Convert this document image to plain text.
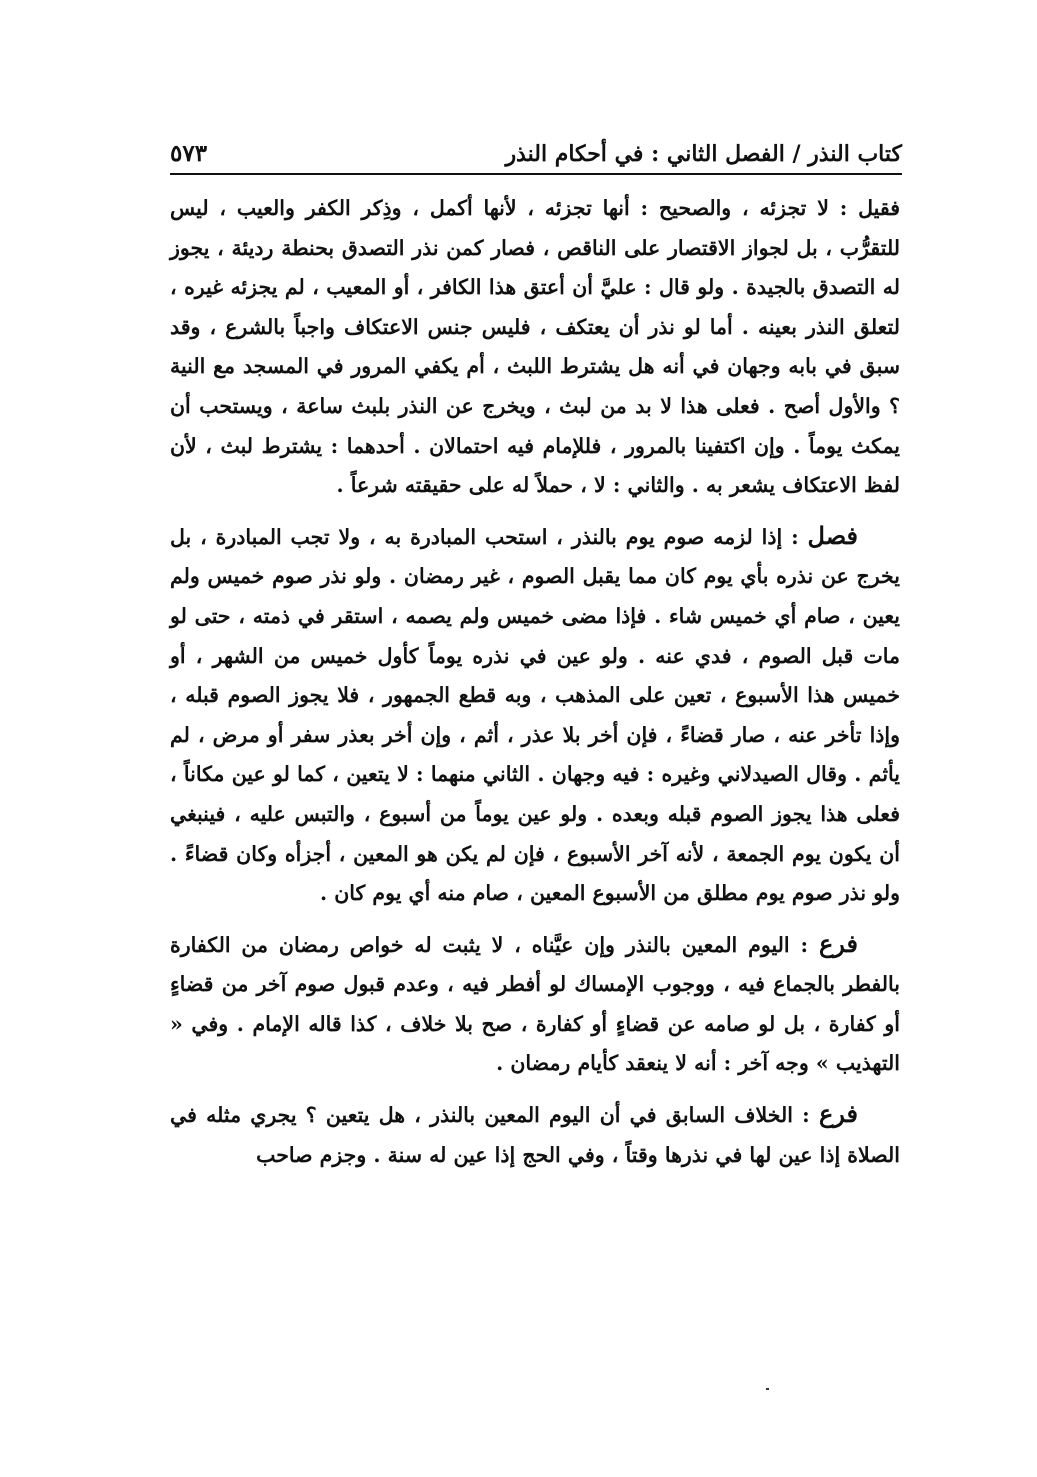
كتاب النذر / الفصل الثاني : في أحكام النذر
٥٧٣

فقيل : لا تجزئه ، والصحيح : أنها تجزئه ، لأنها أكمل ، وذِكر الكفر والعيب ، ليس للتقرُّب ، بل لجواز الاقتصار على الناقص ، فصار كمن نذر التصدق بحنطة رديئة ، يجوز له التصدق بالجيدة . ولو قال : عليَّ أن أعتق هذا الكافر ، أو المعيب ، لم يجزئه غيره ، لتعلق النذر بعينه . أما لو نذر أن يعتكف ، فليس جنس الاعتكاف واجباً بالشرع ، وقد سبق في بابه وجهان في أنه هل يشترط اللبث ، أم يكفي المرور في المسجد مع النية ؟ والأول أصح . فعلى هذا لا بد من لبث ، ويخرج عن النذر بلبث ساعة ، ويستحب أن يمكث يوماً . وإن اكتفينا بالمرور ، فللإمام فيه احتمالان . أحدهما : يشترط لبث ، لأن لفظ الاعتكاف يشعر به . والثاني : لا ، حملاً له على حقيقته شرعاً .

فصل : إذا لزمه صوم يوم بالنذر ، استحب المبادرة به ، ولا تجب المبادرة ، بل يخرج عن نذره بأي يوم كان مما يقبل الصوم ، غير رمضان . ولو نذر صوم خميس ولم يعين ، صام أي خميس شاء . فإذا مضى خميس ولم يصمه ، استقر في ذمته ، حتى لو مات قبل الصوم ، فدي عنه . ولو عين في نذره يوماً كأول خميس من الشهر ، أو خميس هذا الأسبوع ، تعين على المذهب ، وبه قطع الجمهور ، فلا يجوز الصوم قبله ، وإذا تأخر عنه ، صار قضاءً ، فإن أخر بلا عذر ، أثم ، وإن أخر بعذر سفر أو مرض ، لم يأثم . وقال الصيدلاني وغيره : فيه وجهان . الثاني منهما : لا يتعين ، كما لو عين مكاناً ، فعلى هذا يجوز الصوم قبله وبعده . ولو عين يوماً من أسبوع ، والتبس عليه ، فينبغي أن يكون يوم الجمعة ، لأنه آخر الأسبوع ، فإن لم يكن هو المعين ، أجزأه وكان قضاءً . ولو نذر صوم يوم مطلق من الأسبوع المعين ، صام منه أي يوم كان .

فرع : اليوم المعين بالنذر وإن عيَّناه ، لا يثبت له خواص رمضان من الكفارة بالفطر بالجماع فيه ، ووجوب الإمساك لو أفطر فيه ، وعدم قبول صوم آخر من قضاءٍ أو كفارة ، بل لو صامه عن قضاءٍ أو كفارة ، صح بلا خلاف ، كذا قاله الإمام . وفي « التهذيب » وجه آخر : أنه لا ينعقد كأيام رمضان .

فرع : الخلاف السابق في أن اليوم المعين بالنذر ، هل يتعين ؟ يجري مثله في الصلاة إذا عين لها في نذرها وقتاً ، وفي الحج إذا عين له سنة . وجزم صاحب
